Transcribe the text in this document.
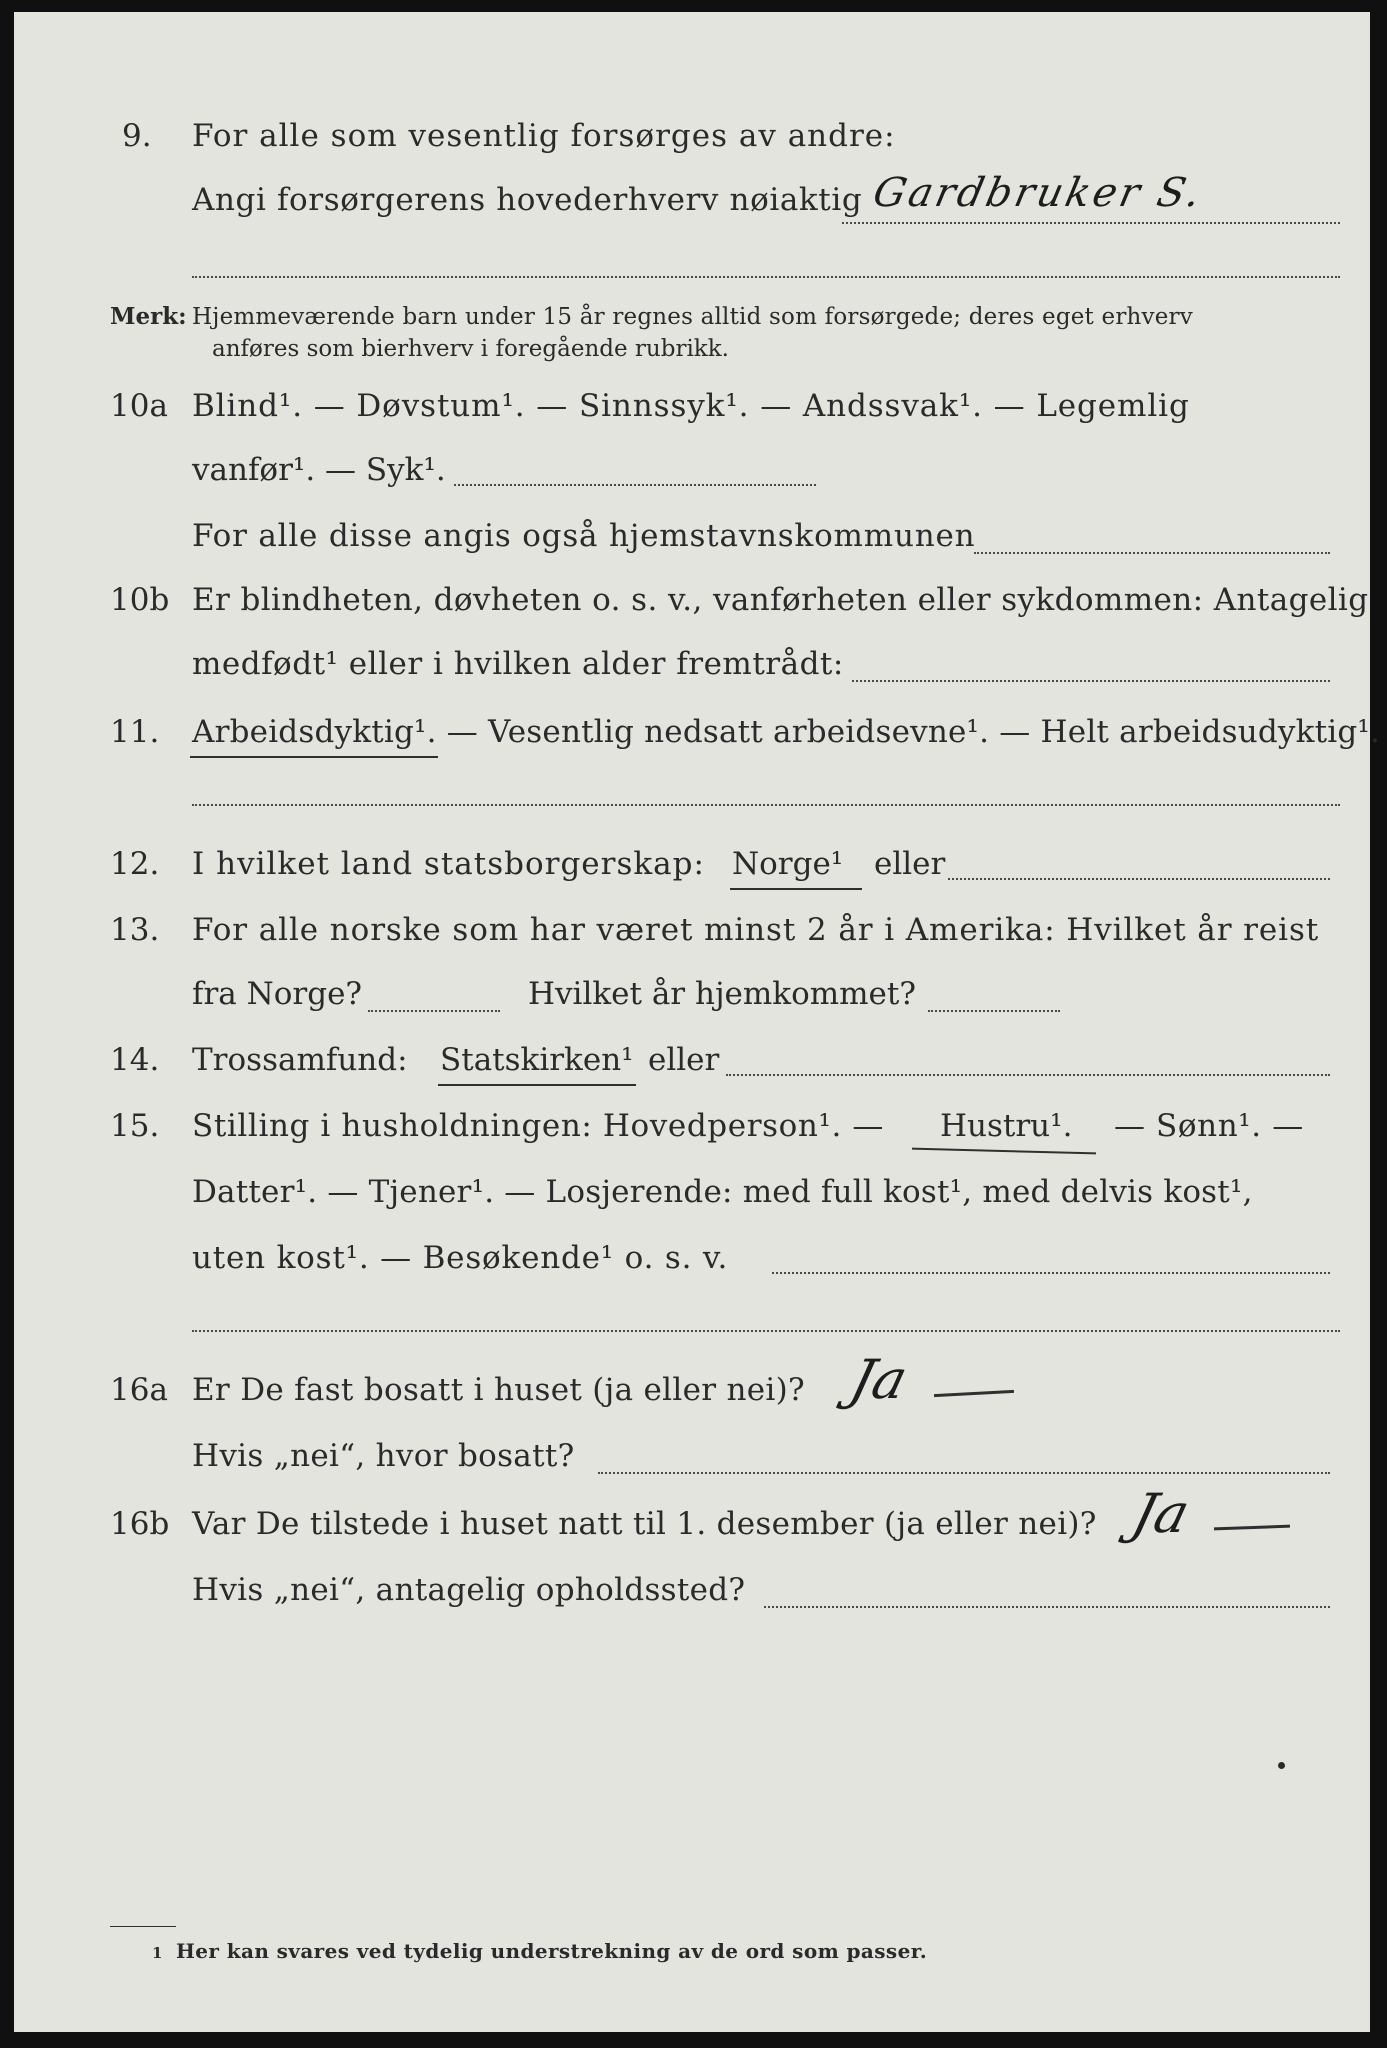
9. For alle som vesentlig forsørges av andre:
Angi forsørgerens hovederhverv nøiaktig Gardbruker S.
Merk: Hjemmeværende barn under 15 år regnes alltid som forsørgede; deres eget erhverv
anføres som bierhverv i foregående rubrikk.
10a Blind¹. — Døvstum¹. — Sinnssyk¹. — Andssvak¹. — Legemlig
vanfør¹. — Syk¹.
For alle disse angis også hjemstavnskommunen
10b Er blindheten, døvheten o. s. v., vanførheten eller sykdommen: Antagelig
medfødt¹ eller i hvilken alder fremtrådt:
11. Arbeidsdyktig¹. — Vesentlig nedsatt arbeidsevne¹. — Helt arbeidsudyktig¹.
12. I hvilket land statsborgerskap: Norge¹ eller
13. For alle norske som har været minst 2 år i Amerika: Hvilket år reist
fra Norge?	Hvilket år hjemkommet?
14. Trossamfund: Statskirken¹ eller
15. Stilling i husholdningen: Hovedperson¹. — Hustru¹. — Sønn¹. —
Datter¹. — Tjener¹. — Losjerende: med full kost¹, med delvis kost¹,
uten kost¹. — Besøkende¹ o. s. v.
16a Er De fast bosatt i huset (ja eller nei)? Ja
Hvis „nei“, hvor bosatt?
16b Var De tilstede i huset natt til 1. desember (ja eller nei)? Ja
Hvis „nei“, antagelig opholdssted?
1 Her kan svares ved tydelig understrekning av de ord som passer.
